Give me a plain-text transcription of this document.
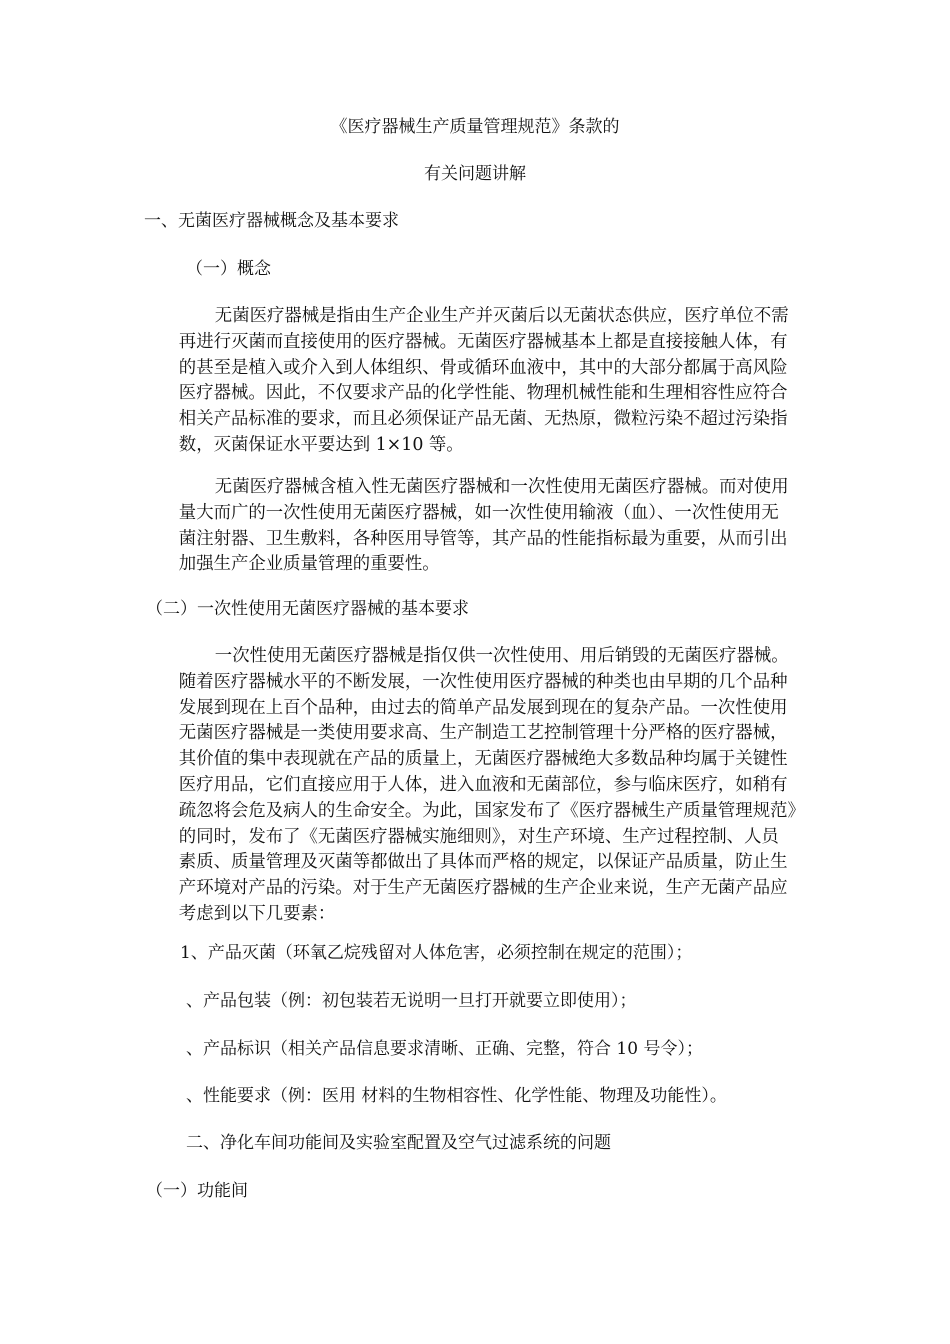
《医疗器械生产质量管理规范》条款的
有关问题讲解
一、无菌医疗器械概念及基本要求
（一）概念
无菌医疗器械是指由生产企业生产并灭菌后以无菌状态供应，医疗单位不需
再进行灭菌而直接使用的医疗器械。无菌医疗器械基本上都是直接接触人体，有
的甚至是植入或介入到人体组织、骨或循环血液中，其中的大部分都属于高风险
医疗器械。因此，不仅要求产品的化学性能、物理机械性能和生理相容性应符合
相关产品标准的要求，而且必须保证产品无菌、无热原，微粒污染不超过污染指
数，灭菌保证水平要达到 1×10 等。
无菌医疗器械含植入性无菌医疗器械和一次性使用无菌医疗器械。而对使用
量大而广的一次性使用无菌医疗器械，如一次性使用输液（血）、一次性使用无
菌注射器、卫生敷料，各种医用导管等，其产品的性能指标最为重要，从而引出
加强生产企业质量管理的重要性。
（二）一次性使用无菌医疗器械的基本要求
一次性使用无菌医疗器械是指仅供一次性使用、用后销毁的无菌医疗器械。
随着医疗器械水平的不断发展，一次性使用医疗器械的种类也由早期的几个品种
发展到现在上百个品种，由过去的简单产品发展到现在的复杂产品。一次性使用
无菌医疗器械是一类使用要求高、生产制造工艺控制管理十分严格的医疗器械，
其价值的集中表现就在产品的质量上，无菌医疗器械绝大多数品种均属于关键性
医疗用品，它们直接应用于人体，进入血液和无菌部位，参与临床医疗，如稍有
疏忽将会危及病人的生命安全。为此，国家发布了《医疗器械生产质量管理规范》
的同时，发布了《无菌医疗器械实施细则》，对生产环境、生产过程控制、人员
素质、质量管理及灭菌等都做出了具体而严格的规定，以保证产品质量，防止生
产环境对产品的污染。对于生产无菌医疗器械的生产企业来说，生产无菌产品应
考虑到以下几要素：
1、产品灭菌（环氧乙烷残留对人体危害，必须控制在规定的范围）；
、产品包装（例：初包装若无说明一旦打开就要立即使用）；
、产品标识（相关产品信息要求清晰、正确、完整，符合 10 号令）；
、性能要求（例：医用 材料的生物相容性、化学性能、物理及功能性）。
二、净化车间功能间及实验室配置及空气过滤系统的问题
（一）功能间
